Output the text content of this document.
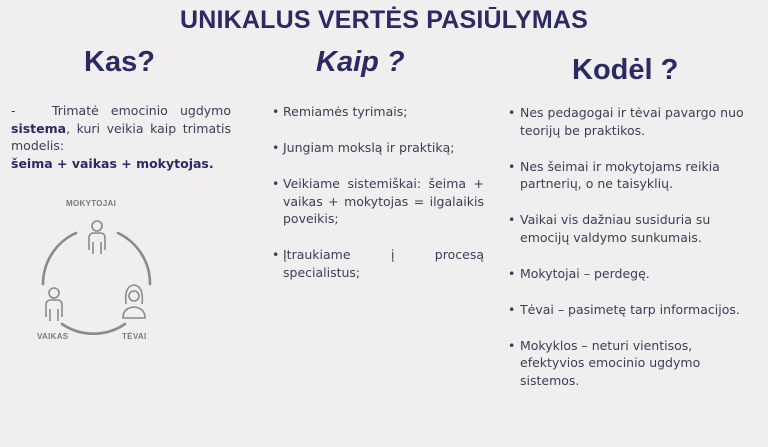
UNIKALUS VERTĖS PASIŪLYMAS
Kas?	Kaip ?	Kodėl ?
-   Trimatė emocinio ugdymo sistema, kuri veikia kaip trimatis modelis:
šeima + vaikas + mokytojas.
MOKYTOJAI
VAIKAS	TĖVAI
• Remiamės tyrimais;
• Jungiam mokslą ir praktiką;
• Veikiame sistemiškai: šeima + vaikas + mokytojas = ilgalaikis poveikis;
• Įtraukiame į procesą specialistus;
• Nes pedagogai ir tėvai pavargo nuo teorijų be praktikos.
• Nes šeimai ir mokytojams reikia partnerių, o ne taisyklių.
• Vaikai vis dažniau susiduria su emocijų valdymo sunkumais.
• Mokytojai – perdegę.
• Tėvai – pasimetę tarp informacijos.
• Mokyklos – neturi vientisos, efektyvios emocinio ugdymo sistemos.
